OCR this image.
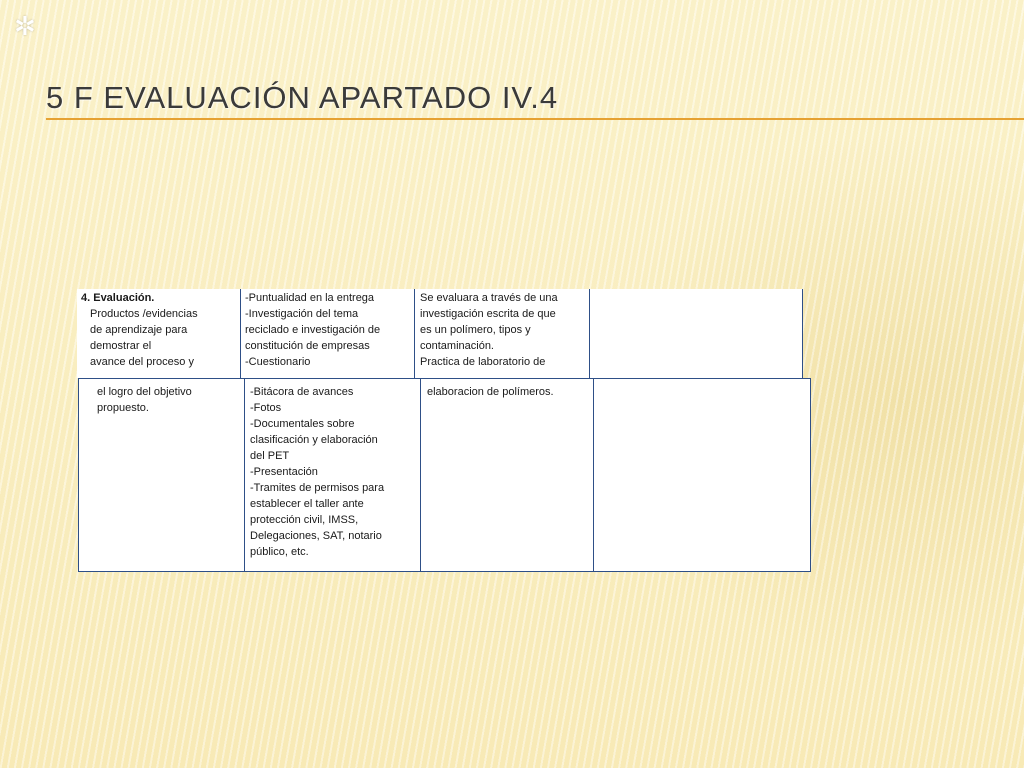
✲
5 F EVALUACIÓN APARTADO IV.4
4. Evaluación.
Productos /evidencias
de aprendizaje para
demostrar el
avance del proceso y
-Puntualidad en la entrega
-Investigación del tema
reciclado e investigación de
constitución de empresas
-Cuestionario
Se evaluara a través de una
investigación escrita de que
es un polímero, tipos y
contaminación.
Practica de laboratorio de
el logro del objetivo
propuesto.
-Bitácora de avances
-Fotos
-Documentales sobre
clasificación y elaboración
del PET
-Presentación
-Tramites de permisos para
establecer el taller ante
protección civil, IMSS,
Delegaciones, SAT, notario
público, etc.
elaboracion de polímeros.
